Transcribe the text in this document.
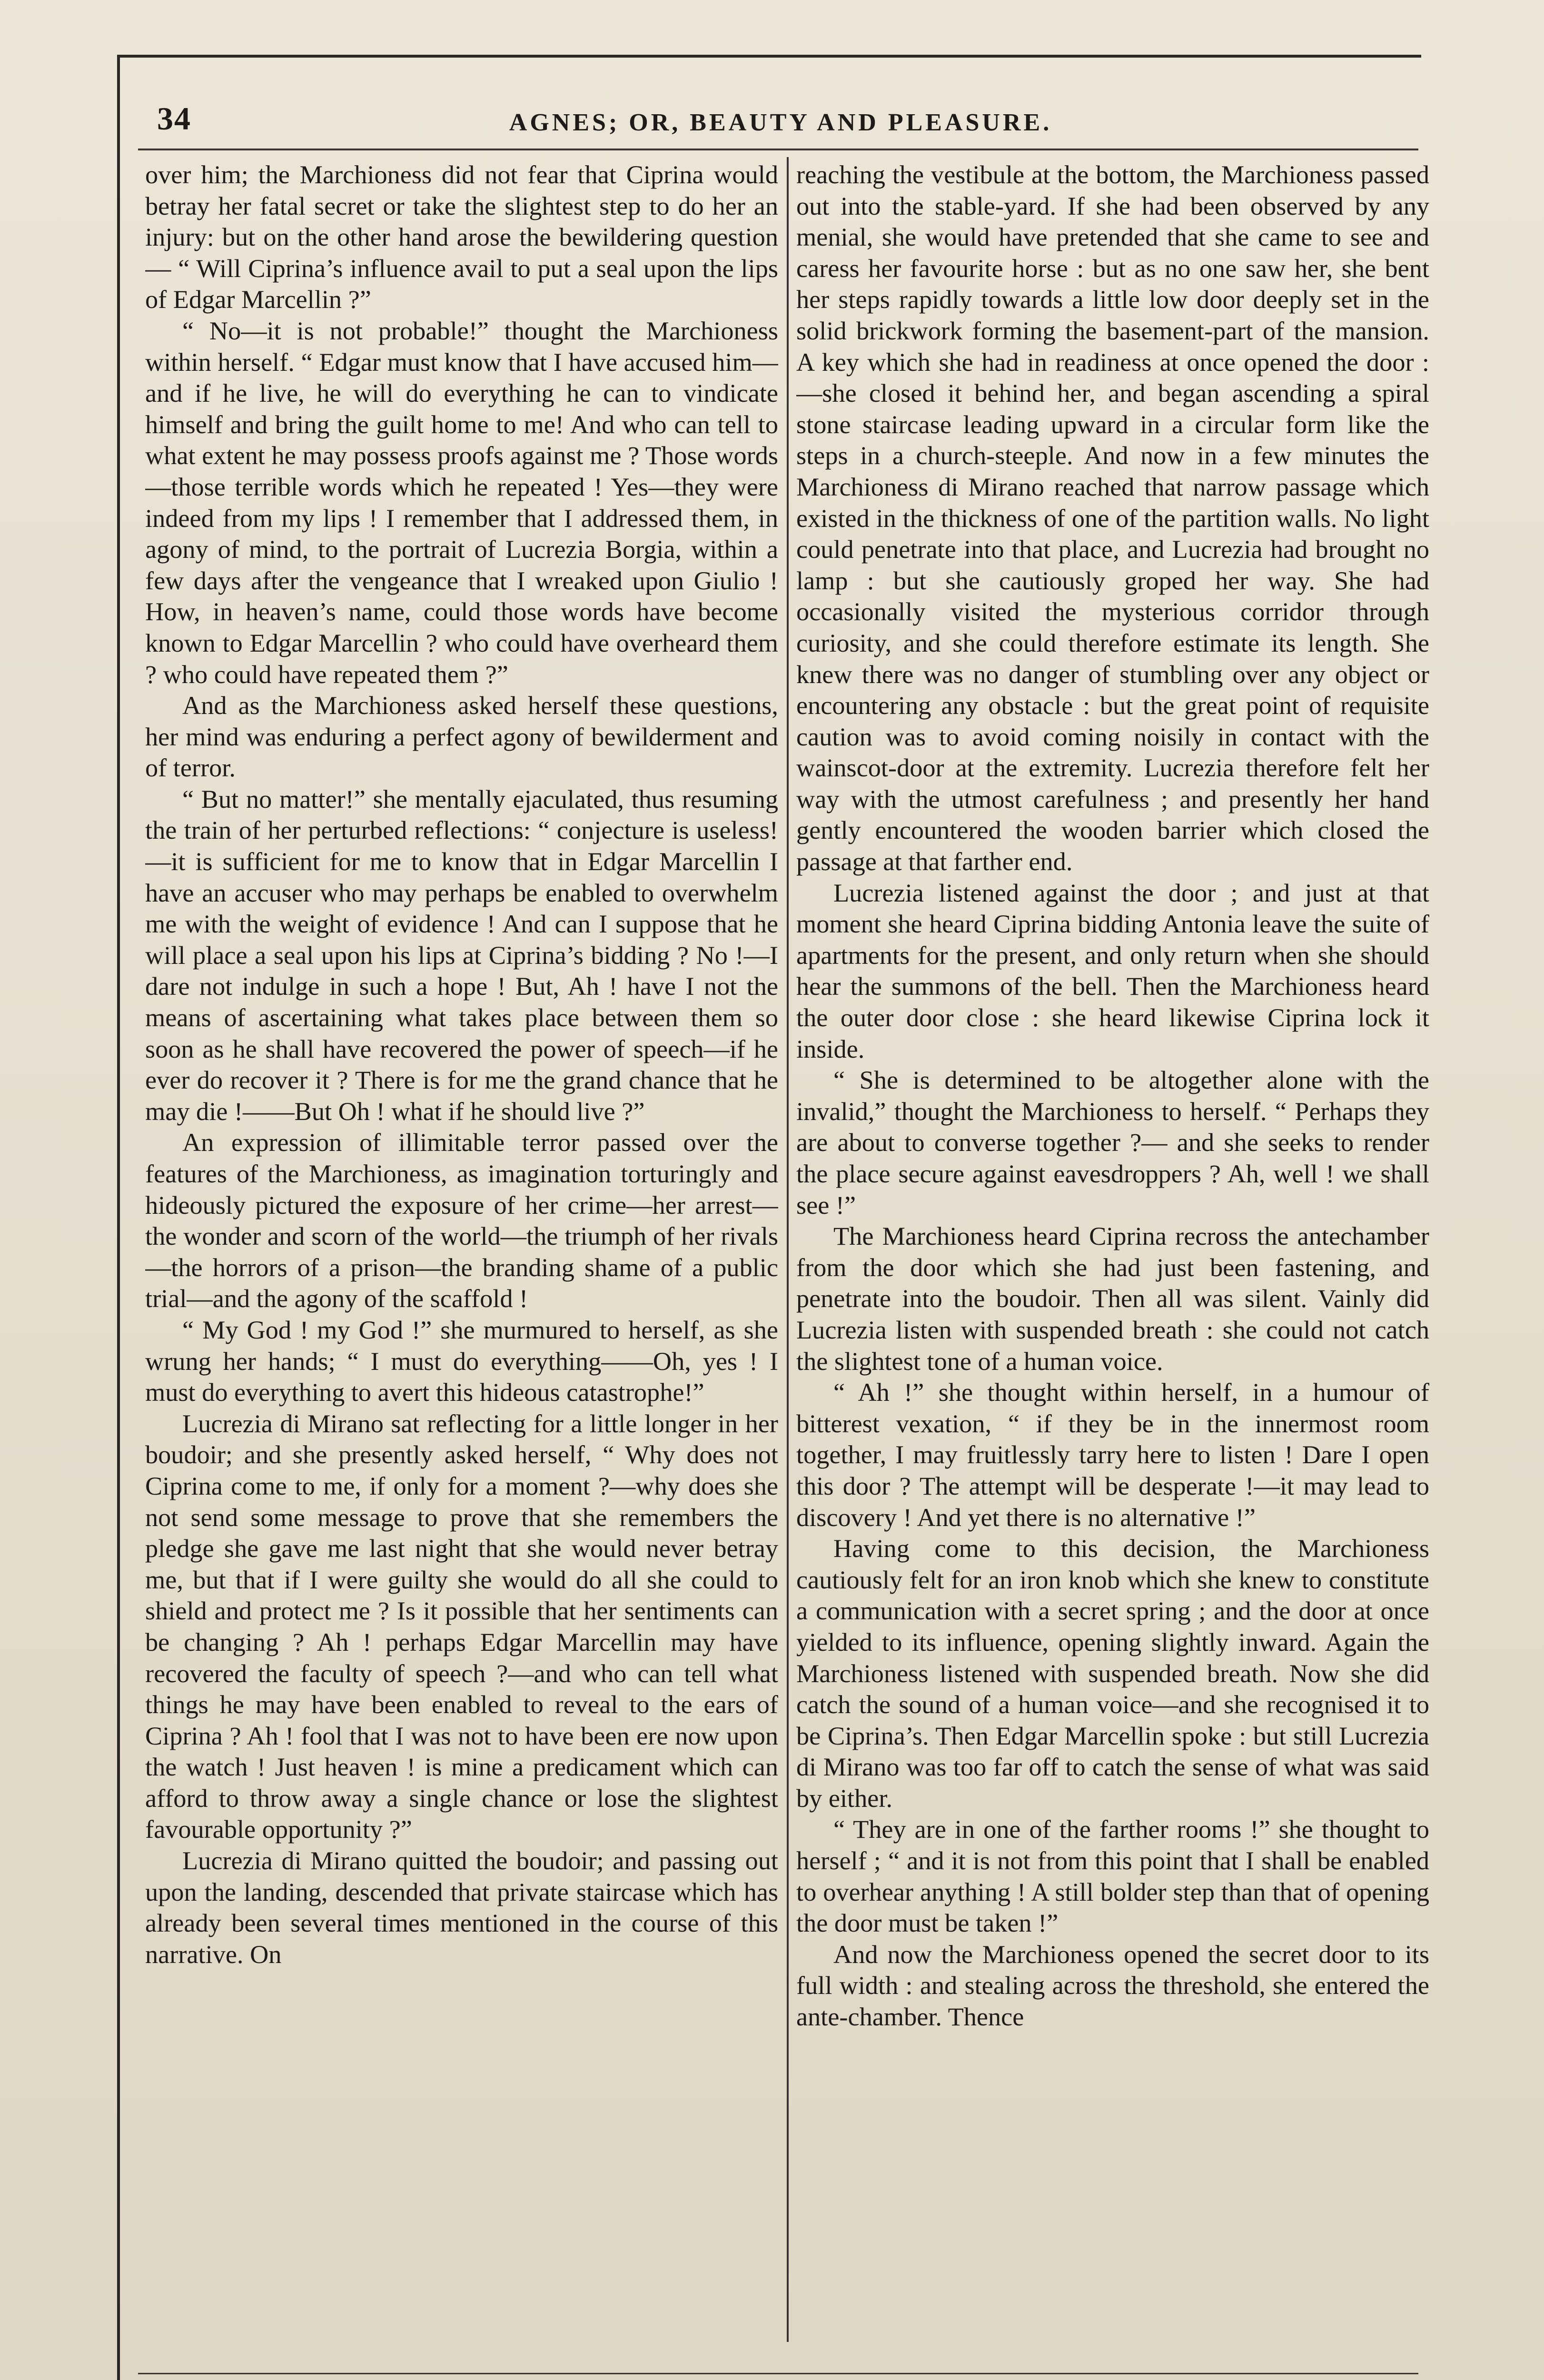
34	AGNES; OR, BEAUTY AND PLEASURE.

over him; the Marchioness did not fear that Ciprina would betray her fatal secret or take the slightest step to do her an injury: but on the other hand arose the bewildering question — “ Will Ciprina’s influence avail to put a seal upon the lips of Edgar Marcellin ?”

“ No—it is not probable!” thought the Marchioness within herself. “ Edgar must know that I have accused him—and if he live, he will do everything he can to vindicate himself and bring the guilt home to me! And who can tell to what extent he may possess proofs against me ? Those words—those terrible words which he repeated ! Yes—they were indeed from my lips ! I remember that I addressed them, in agony of mind, to the portrait of Lucrezia Borgia, within a few days after the vengeance that I wreaked upon Giulio ! How, in heaven’s name, could those words have become known to Edgar Marcellin ? who could have overheard them ? who could have repeated them ?”

And as the Marchioness asked herself these questions, her mind was enduring a perfect agony of bewilderment and of terror.

“ But no matter!” she mentally ejaculated, thus resuming the train of her perturbed reflections: “ conjecture is useless!—it is sufficient for me to know that in Edgar Marcellin I have an accuser who may perhaps be enabled to overwhelm me with the weight of evidence ! And can I suppose that he will place a seal upon his lips at Ciprina’s bidding ? No !—I dare not indulge in such a hope ! But, Ah ! have I not the means of ascertaining what takes place between them so soon as he shall have recovered the power of speech—if he ever do recover it ? There is for me the grand chance that he may die !——But Oh ! what if he should live ?”

An expression of illimitable terror passed over the features of the Marchioness, as imagination torturingly and hideously pictured the exposure of her crime—her arrest—the wonder and scorn of the world—the triumph of her rivals—the horrors of a prison—the branding shame of a public trial—and the agony of the scaffold !

“ My God ! my God !” she murmured to herself, as she wrung her hands; “ I must do everything——Oh, yes ! I must do everything to avert this hideous catastrophe!”

Lucrezia di Mirano sat reflecting for a little longer in her boudoir; and she presently asked herself, “ Why does not Ciprina come to me, if only for a moment ?—why does she not send some message to prove that she remembers the pledge she gave me last night that she would never betray me, but that if I were guilty she would do all she could to shield and protect me ? Is it possible that her sentiments can be changing ? Ah ! perhaps Edgar Marcellin may have recovered the faculty of speech ?—and who can tell what things he may have been enabled to reveal to the ears of Ciprina ? Ah ! fool that I was not to have been ere now upon the watch ! Just heaven ! is mine a predicament which can afford to throw away a single chance or lose the slightest favourable opportunity ?”

Lucrezia di Mirano quitted the boudoir; and passing out upon the landing, descended that private staircase which has already been several times mentioned in the course of this narrative. On

reaching the vestibule at the bottom, the Marchioness passed out into the stable-yard. If she had been observed by any menial, she would have pretended that she came to see and caress her favourite horse : but as no one saw her, she bent her steps rapidly towards a little low door deeply set in the solid brickwork forming the basement-part of the mansion. A key which she had in readiness at once opened the door :—she closed it behind her, and began ascending a spiral stone staircase leading upward in a circular form like the steps in a church-steeple. And now in a few minutes the Marchioness di Mirano reached that narrow passage which existed in the thickness of one of the partition walls. No light could penetrate into that place, and Lucrezia had brought no lamp : but she cautiously groped her way. She had occasionally visited the mysterious corridor through curiosity, and she could therefore estimate its length. She knew there was no danger of stumbling over any object or encountering any obstacle : but the great point of requisite caution was to avoid coming noisily in contact with the wainscot-door at the extremity. Lucrezia therefore felt her way with the utmost carefulness ; and presently her hand gently encountered the wooden barrier which closed the passage at that farther end.

Lucrezia listened against the door ; and just at that moment she heard Ciprina bidding Antonia leave the suite of apartments for the present, and only return when she should hear the summons of the bell. Then the Marchioness heard the outer door close : she heard likewise Ciprina lock it inside.

“ She is determined to be altogether alone with the invalid,” thought the Marchioness to herself. “ Perhaps they are about to converse together ?— and she seeks to render the place secure against eavesdroppers ? Ah, well ! we shall see !”

The Marchioness heard Ciprina recross the antechamber from the door which she had just been fastening, and penetrate into the boudoir. Then all was silent. Vainly did Lucrezia listen with suspended breath : she could not catch the slightest tone of a human voice.

“ Ah !” she thought within herself, in a humour of bitterest vexation, “ if they be in the innermost room together, I may fruitlessly tarry here to listen ! Dare I open this door ? The attempt will be desperate !—it may lead to discovery ! And yet there is no alternative !”

Having come to this decision, the Marchioness cautiously felt for an iron knob which she knew to constitute a communication with a secret spring ; and the door at once yielded to its influence, opening slightly inward. Again the Marchioness listened with suspended breath. Now she did catch the sound of a human voice—and she recognised it to be Ciprina’s. Then Edgar Marcellin spoke : but still Lucrezia di Mirano was too far off to catch the sense of what was said by either.

“ They are in one of the farther rooms !” she thought to herself ; “ and it is not from this point that I shall be enabled to overhear anything ! A still bolder step than that of opening the door must be taken !”

And now the Marchioness opened the secret door to its full width : and stealing across the threshold, she entered the ante-chamber. Thence
